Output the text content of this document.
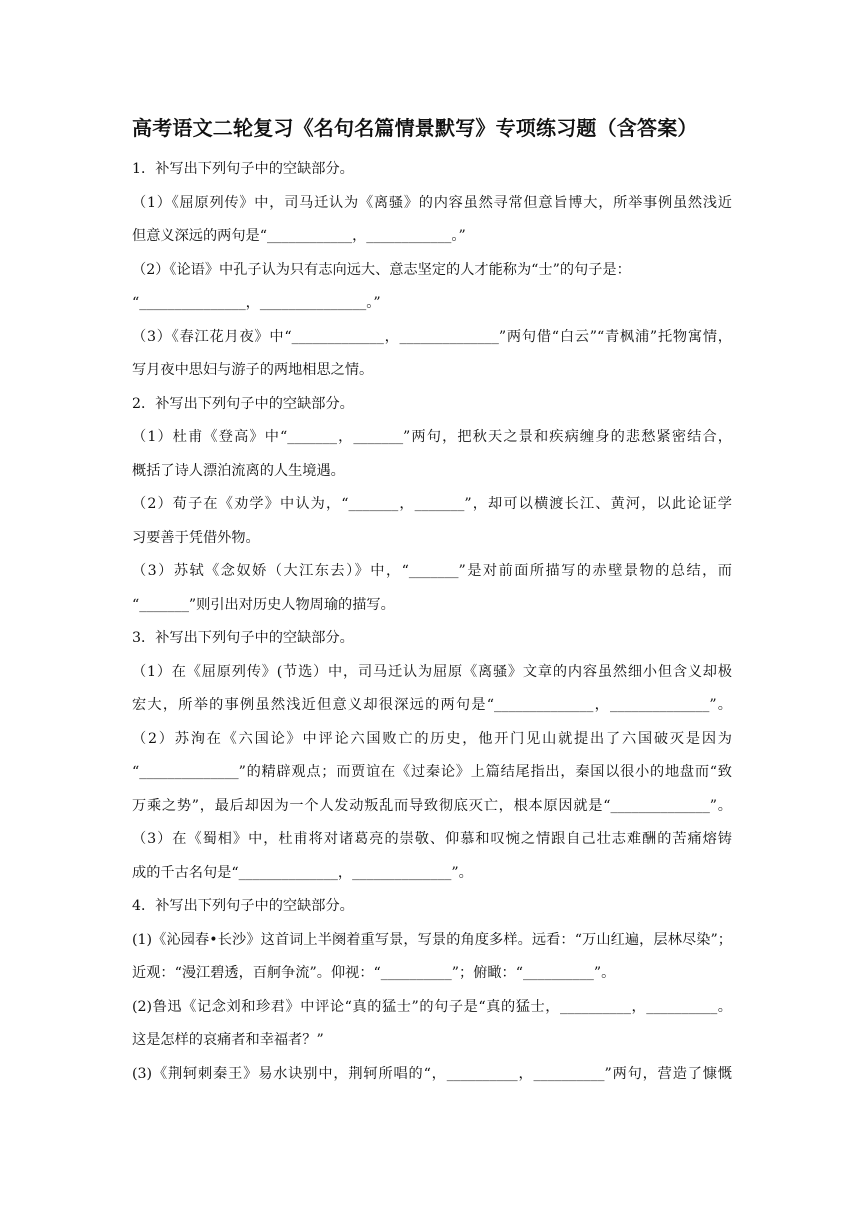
高考语文二轮复习《名句名篇情景默写》专项练习题（含答案）
1．补写出下列句子中的空缺部分。
（1）《屈原列传》中，司马迁认为《离骚》的内容虽然寻常但意旨博大，所举事例虽然浅近
但意义深远的两句是“____________，____________。”
（2）《论语》中孔子认为只有志向远大、意志坚定的人才能称为“士”的句子是：
“_______________，_______________。”
（3）《春江花月夜》中“_____________，______________”两句借“白云”“青枫浦”托物寓情，
写月夜中思妇与游子的两地相思之情。
2．补写出下列句子中的空缺部分。
（1）杜甫《登高》中“_______，_______”两句，把秋天之景和疾病缠身的悲愁紧密结合，
概括了诗人漂泊流离的人生境遇。
（2）荀子在《劝学》中认为，“_______，_______”，却可以横渡长江、黄河，以此论证学
习要善于凭借外物。
（3）苏轼《念奴娇（大江东去）》中，“_______”是对前面所描写的赤壁景物的总结，而
“_______”则引出对历史人物周瑜的描写。
3．补写出下列句子中的空缺部分。
（1）在《屈原列传》(节选）中，司马迁认为屈原《离骚》文章的内容虽然细小但含义却极
宏大，所举的事例虽然浅近但意义却很深远的两句是“______________，______________”。
（2）苏洵在《六国论》中评论六国败亡的历史，他开门见山就提出了六国破灭是因为
“______________”的精辟观点；而贾谊在《过秦论》上篇结尾指出，秦国以很小的地盘而“致
万乘之势”，最后却因为一个人发动叛乱而导致彻底灭亡，根本原因就是“______________”。
（3）在《蜀相》中，杜甫将对诸葛亮的崇敬、仰慕和叹惋之情跟自己壮志难酬的苦痛熔铸
成的千古名句是“______________，______________”。
4．补写出下列句子中的空缺部分。
(1)《沁园春•长沙》这首词上半阕着重写景，写景的角度多样。远看：“万山红遍，层林尽染”；
近观：“漫江碧透，百舸争流”。仰视：“__________”；俯瞰：“__________”。
(2)鲁迅《记念刘和珍君》中评论“真的猛士”的句子是“真的猛士，__________，__________。
这是怎样的哀痛者和幸福者？”
(3)《荆轲刺秦王》易水诀别中，荆轲所唱的“，__________，__________”两句，营造了慷慨
